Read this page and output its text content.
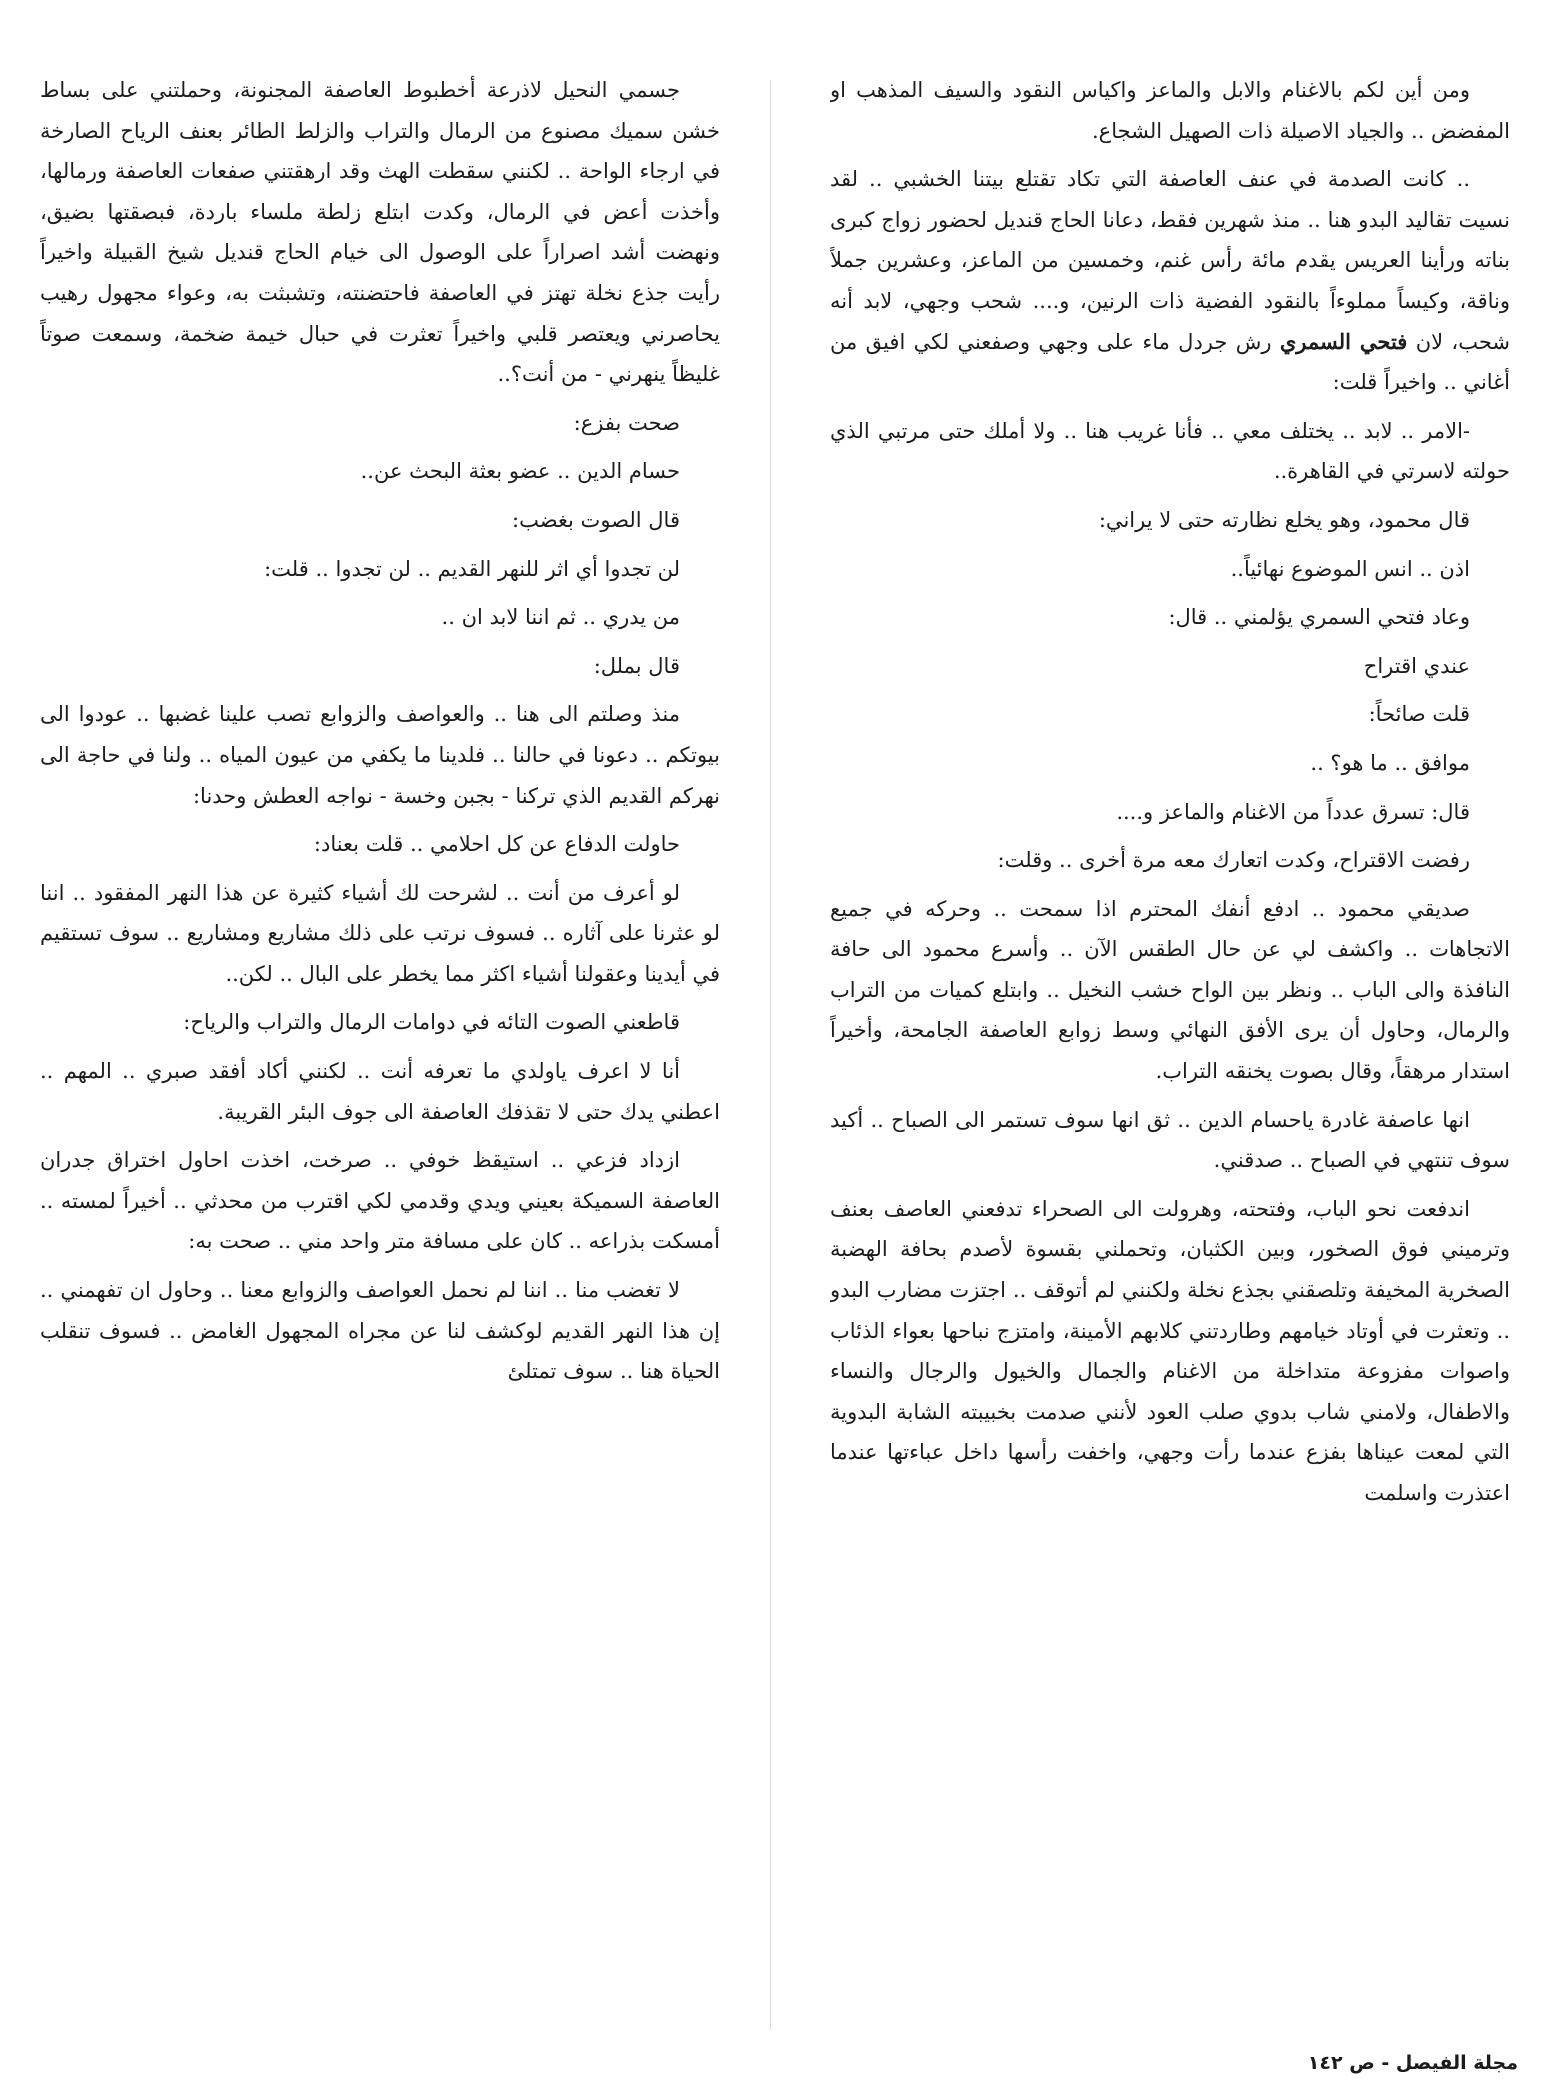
ومن أين لكم بالاغنام والابل والماعز واكياس النقود والسيف المذهب او المفضض .. والجياد الاصيلة ذات الصهيل الشجاع.

.. كانت الصدمة في عنف العاصفة التي تكاد تقتلع بيتنا الخشبي .. لقد نسيت تقاليد البدو هنا .. منذ شهرين فقط، دعانا الحاج قنديل لحضور زواج كبرى بناته ورأينا العريس يقدم مائة رأس غنم، وخمسين من الماعز، وعشرين جملاً وناقة، وكيساً مملوءاً بالنقود الفضية ذات الرنين، و.... شحب وجهي، لابد أنه شحب، لان فتحي السمري رش جردل ماء على وجهي وصفعني لكي افيق من أغاني .. واخيراً قلت:

-الامر .. لابد .. يختلف معي .. فأنا غريب هنا .. ولا أملك حتى مرتبي الذي حولته لاسرتي في القاهرة..

قال محمود، وهو يخلع نظارته حتى لا يراني:

اذن .. انس الموضوع نهائياً..

وعاد فتحي السمري يؤلمني .. قال:

عندي اقتراح

قلت صائحاً:

موافق .. ما هو؟ ..

قال: تسرق عدداً من الاغنام والماعز و....

رفضت الاقتراح، وكدت اتعارك معه مرة أخرى .. وقلت:

صديقي محمود .. ادفع أنفك المحترم اذا سمحت .. وحركه في جميع الاتجاهات .. واكشف لي عن حال الطقس الآن .. وأسرع محمود الى حافة النافذة والى الباب .. ونظر بين الواح خشب النخيل .. وابتلع كميات من التراب والرمال، وحاول أن يرى الأفق النهائي وسط زوابع العاصفة الجامحة، وأخيراً استدار مرهقاً، وقال بصوت يخنقه التراب.

انها عاصفة غادرة ياحسام الدين .. ثق انها سوف تستمر الى الصباح .. أكيد سوف تنتهي في الصباح .. صدقني.

اندفعت نحو الباب، وفتحته، وهرولت الى الصحراء تدفعني العاصف بعنف وترميني فوق الصخور، وبين الكثبان، وتحملني بقسوة لأصدم بحافة الهضبة الصخرية المخيفة وتلصقني بجذع نخلة ولكنني لم أتوقف .. اجتزت مضارب البدو .. وتعثرت في أوتاد خيامهم وطاردتني كلابهم الأمينة، وامتزج نباحها بعواء الذئاب واصوات مفزوعة متداخلة من الاغنام والجمال والخيول والرجال والنساء والاطفال، ولامني شاب بدوي صلب العود لأنني صدمت بخبيبته الشابة البدوية التي لمعت عيناها بفزع عندما رأت وجهي، واخفت رأسها داخل عباءتها عندما اعتذرت واسلمت

جسمي النحيل لاذرعة أخطبوط العاصفة المجنونة، وحملتني على بساط خشن سميك مصنوع من الرمال والتراب والزلط الطائر بعنف الرياح الصارخة في ارجاء الواحة .. لكنني سقطت الهث وقد ارهقتني صفعات العاصفة ورمالها، وأخذت أعض في الرمال، وكدت ابتلع زلطة ملساء باردة، فبصقتها بضيق، ونهضت أشد اصراراً على الوصول الى خيام الحاج قنديل شيخ القبيلة واخيراً رأيت جذع نخلة تهتز في العاصفة فاحتضنته، وتشبثت به، وعواء مجهول رهيب يحاصرني ويعتصر قلبي واخيراً تعثرت في حبال خيمة ضخمة، وسمعت صوتاً غليظاً ينهرني - من أنت؟..

صحت بفزع:

حسام الدين .. عضو بعثة البحث عن..

قال الصوت بغضب:

لن تجدوا أي اثر للنهر القديم .. لن تجدوا .. قلت:

من يدري .. ثم اننا لابد ان ..

قال بملل:

منذ وصلتم الى هنا .. والعواصف والزوابع تصب علينا غضبها .. عودوا الى بيوتكم .. دعونا في حالنا .. فلدينا ما يكفي من عيون المياه .. ولنا في حاجة الى نهركم القديم الذي تركنا - بجبن وخسة - نواجه العطش وحدنا:

حاولت الدفاع عن كل احلامي .. قلت بعناد:

لو أعرف من أنت .. لشرحت لك أشياء كثيرة عن هذا النهر المفقود .. اننا لو عثرنا على آثاره .. فسوف نرتب على ذلك مشاريع ومشاريع .. سوف تستقيم في أيدينا وعقولنا أشياء اكثر مما يخطر على البال .. لكن..

قاطعني الصوت التائه في دوامات الرمال والتراب والرياح:

أنا لا اعرف ياولدي ما تعرفه أنت .. لكنني أكاد أفقد صبري .. المهم .. اعطني يدك حتى لا تقذفك العاصفة الى جوف البئر القريبة.

ازداد فزعي .. استيقظ خوفي .. صرخت، اخذت احاول اختراق جدران العاصفة السميكة بعيني ويدي وقدمي لكي اقترب من محدثي .. أخيراً لمسته .. أمسكت بذراعه .. كان على مسافة متر واحد مني .. صحت به:

لا تغضب منا .. اننا لم نحمل العواصف والزوابع معنا .. وحاول ان تفهمني .. إن هذا النهر القديم لوكشف لنا عن مجراه المجهول الغامض .. فسوف تنقلب الحياة هنا .. سوف تمتلئ

مجلة الفيصل - ص ١٤٢
